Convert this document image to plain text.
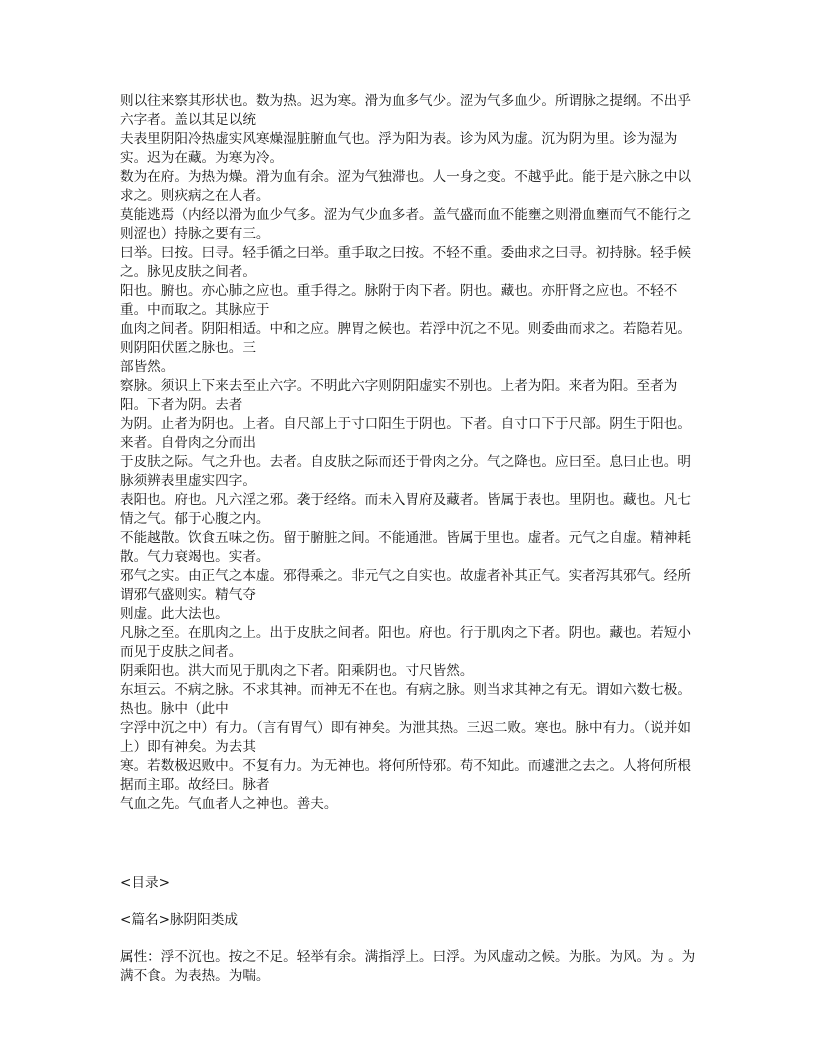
则以往来察其形状也。数为热。迟为寒。滑为血多气少。涩为气多血少。所谓脉之提纲。不出乎六字者。盖以其足以统

夫表里阴阳冷热虚实风寒燥湿脏腑血气也。浮为阳为表。诊为风为虚。沉为阴为里。诊为湿为实。迟为在藏。为寒为冷。

数为在府。为热为燥。滑为血有余。涩为气独滞也。人一身之变。不越乎此。能于是六脉之中以求之。则疢病之在人者。

莫能逃焉（内经以滑为血少气多。涩为气少血多者。盖气盛而血不能壅之则滑血壅而气不能行之则涩也）持脉之要有三。

曰举。曰按。曰寻。轻手循之曰举。重手取之曰按。不轻不重。委曲求之曰寻。初持脉。轻手候之。脉见皮肤之间者。

阳也。腑也。亦心肺之应也。重手得之。脉附于肉下者。阴也。藏也。亦肝肾之应也。不轻不重。中而取之。其脉应于

血肉之间者。阴阳相适。中和之应。脾胃之候也。若浮中沉之不见。则委曲而求之。若隐若见。则阴阳伏匿之脉也。三

部皆然。

察脉。须识上下来去至止六字。不明此六字则阴阳虚实不别也。上者为阳。来者为阳。至者为阳。下者为阴。去者

为阴。止者为阴也。上者。自尺部上于寸口阳生于阴也。下者。自寸口下于尺部。阴生于阳也。来者。自骨肉之分而出

于皮肤之际。气之升也。去者。自皮肤之际而还于骨肉之分。气之降也。应曰至。息曰止也。明脉须辨表里虚实四字。

表阳也。府也。凡六淫之邪。袭于经络。而未入胃府及藏者。皆属于表也。里阴也。藏也。凡七情之气。郁于心腹之内。

不能越散。饮食五味之伤。留于腑脏之间。不能通泄。皆属于里也。虚者。元气之自虚。精神耗散。气力衰竭也。实者。

邪气之实。由正气之本虚。邪得乘之。非元气之自实也。故虚者补其正气。实者泻其邪气。经所谓邪气盛则实。精气夺

则虚。此大法也。

凡脉之至。在肌肉之上。出于皮肤之间者。阳也。府也。行于肌肉之下者。阴也。藏也。若短小而见于皮肤之间者。

阴乘阳也。洪大而见于肌肉之下者。阳乘阴也。寸尺皆然。

东垣云。不病之脉。不求其神。而神无不在也。有病之脉。则当求其神之有无。谓如六数七极。热也。脉中（此中

字浮中沉之中）有力。（言有胃气）即有神矣。为泄其热。三迟二败。寒也。脉中有力。（说并如上）即有神矣。为去其

寒。若数极迟败中。不复有力。为无神也。将何所恃邪。苟不知此。而遽泄之去之。人将何所根据而主耶。故经曰。脉者

气血之先。气血者人之神也。善夫。

<目录>

<篇名>脉阴阳类成

属性：浮不沉也。按之不足。轻举有余。满指浮上。曰浮。为风虚动之候。为胀。为风。为 。为满不食。为表热。为喘。
